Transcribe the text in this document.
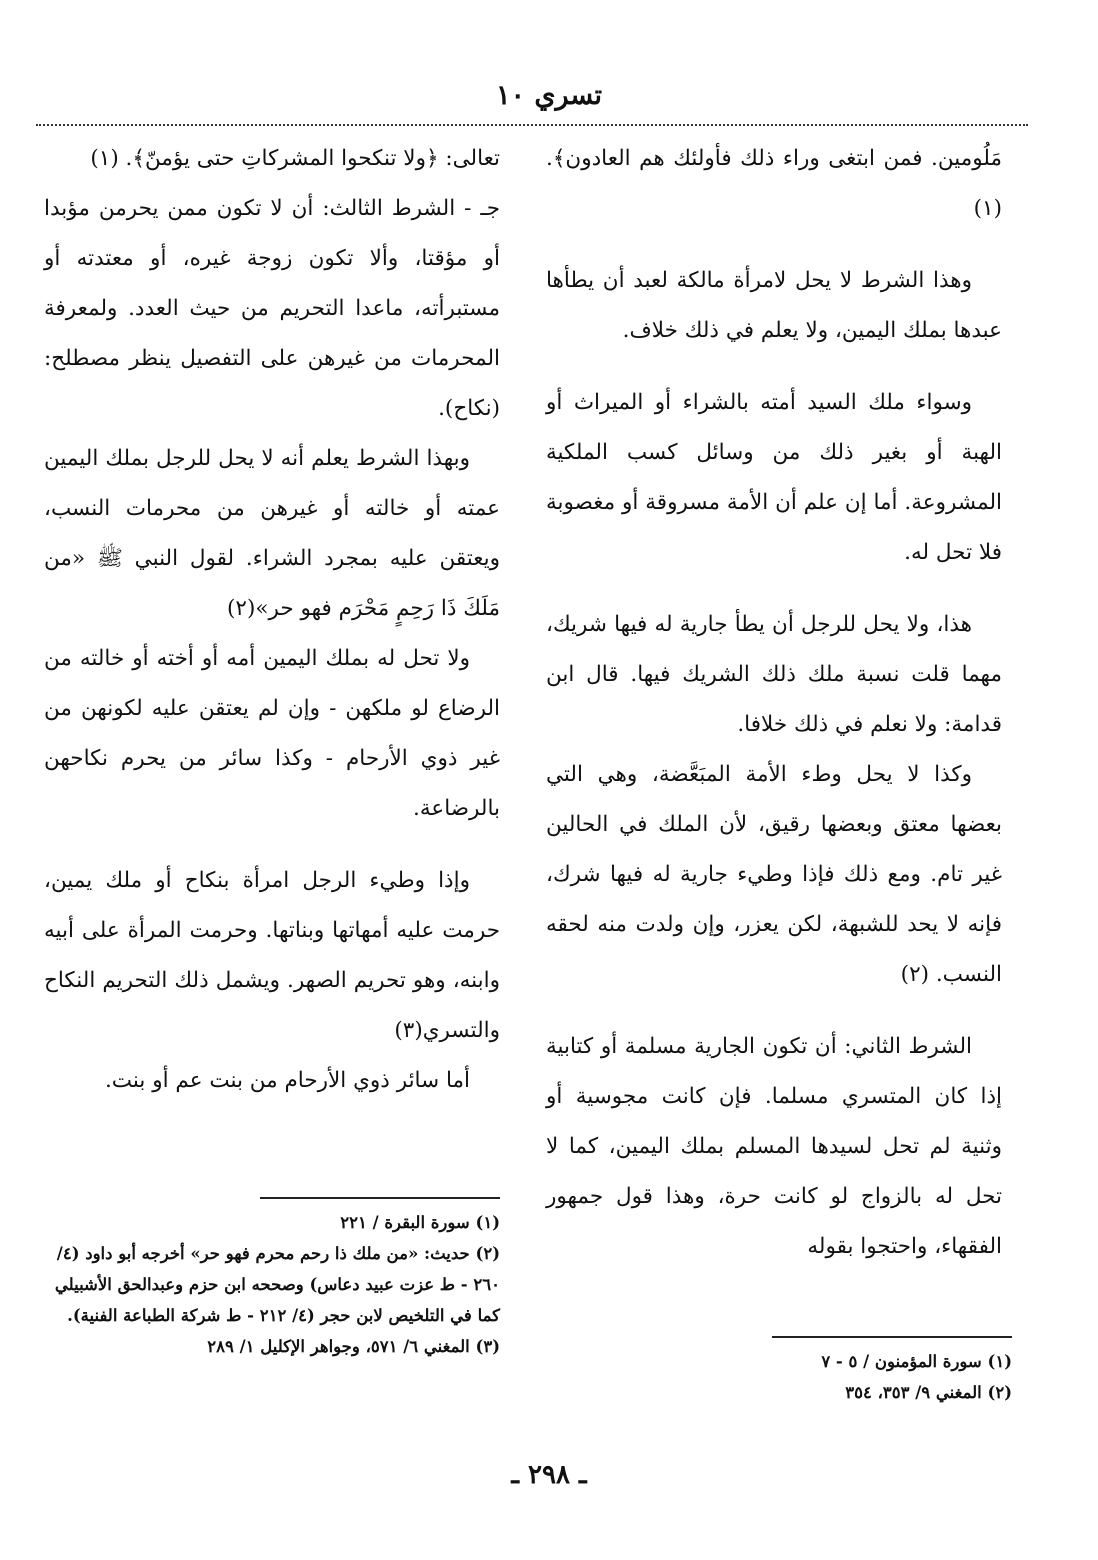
تسري ١٠

مَلُومين. فمن ابتغى وراء ذلك فأولئك هم العادون﴾. (١)

وهذا الشرط لا يحل لامرأة مالكة لعبد أن يطأها عبدها بملك اليمين، ولا يعلم في ذلك خلاف.

وسواء ملك السيد أمته بالشراء أو الميراث أو الهبة أو بغير ذلك من وسائل كسب الملكية المشروعة. أما إن علم أن الأمة مسروقة أو مغصوبة فلا تحل له.

هذا، ولا يحل للرجل أن يطأ جارية له فيها شريك، مهما قلت نسبة ملك ذلك الشريك فيها. قال ابن قدامة: ولا نعلم في ذلك خلافا.

وكذا لا يحل وطء الأمة المبَعَّضة، وهي التي بعضها معتق وبعضها رقيق، لأن الملك في الحالين غير تام. ومع ذلك فإذا وطيء جارية له فيها شرك، فإنه لا يحد للشبهة، لكن يعزر، وإن ولدت منه لحقه النسب. (٢)

الشرط الثاني: أن تكون الجارية مسلمة أو كتابية إذا كان المتسري مسلما. فإن كانت مجوسية أو وثنية لم تحل لسيدها المسلم بملك اليمين، كما لا تحل له بالزواج لو كانت حرة، وهذا قول جمهور الفقهاء، واحتجوا بقوله

تعالى: ﴿ولا تنكحوا المشركاتِ حتى يؤمنّ﴾. (١)

جـ - الشرط الثالث: أن لا تكون ممن يحرمن مؤبدا أو مؤقتا، وألا تكون زوجة غيره، أو معتدته أو مستبرأته، ماعدا التحريم من حيث العدد. ولمعرفة المحرمات من غيرهن على التفصيل ينظر مصطلح: (نكاح).

وبهذا الشرط يعلم أنه لا يحل للرجل بملك اليمين عمته أو خالته أو غيرهن من محرمات النسب، ويعتقن عليه بمجرد الشراء. لقول النبي ﷺ «من مَلَكَ ذَا رَحِمٍ مَحْرَم فهو حر»(٢)

ولا تحل له بملك اليمين أمه أو أخته أو خالته من الرضاع لو ملكهن - وإن لم يعتقن عليه لكونهن من غير ذوي الأرحام - وكذا سائر من يحرم نكاحهن بالرضاعة.

وإذا وطيء الرجل امرأة بنكاح أو ملك يمين، حرمت عليه أمهاتها وبناتها. وحرمت المرأة على أبيه وابنه، وهو تحريم الصهر. ويشمل ذلك التحريم النكاح والتسري(٣)

أما سائر ذوي الأرحام من بنت عم أو بنت.

(١) سورة البقرة / ٢٢١

(٢) حديث: «من ملك ذا رحم محرم فهو حر» أخرجه أبو داود (٤/ ٢٦٠ - ط عزت عبيد دعاس) وصححه ابن حزم وعبدالحق الأشبيلي كما في التلخيص لابن حجر (٤/ ٢١٢ - ط شركة الطباعة الفنية).

(٣) المغني ٦/ ٥٧١، وجواهر الإكليل ١/ ٢٨٩

(١) سورة المؤمنون / ٥ - ٧

(٢) المغني ٩/ ٣٥٣، ٣٥٤

ـ ٢٩٨ ـ
